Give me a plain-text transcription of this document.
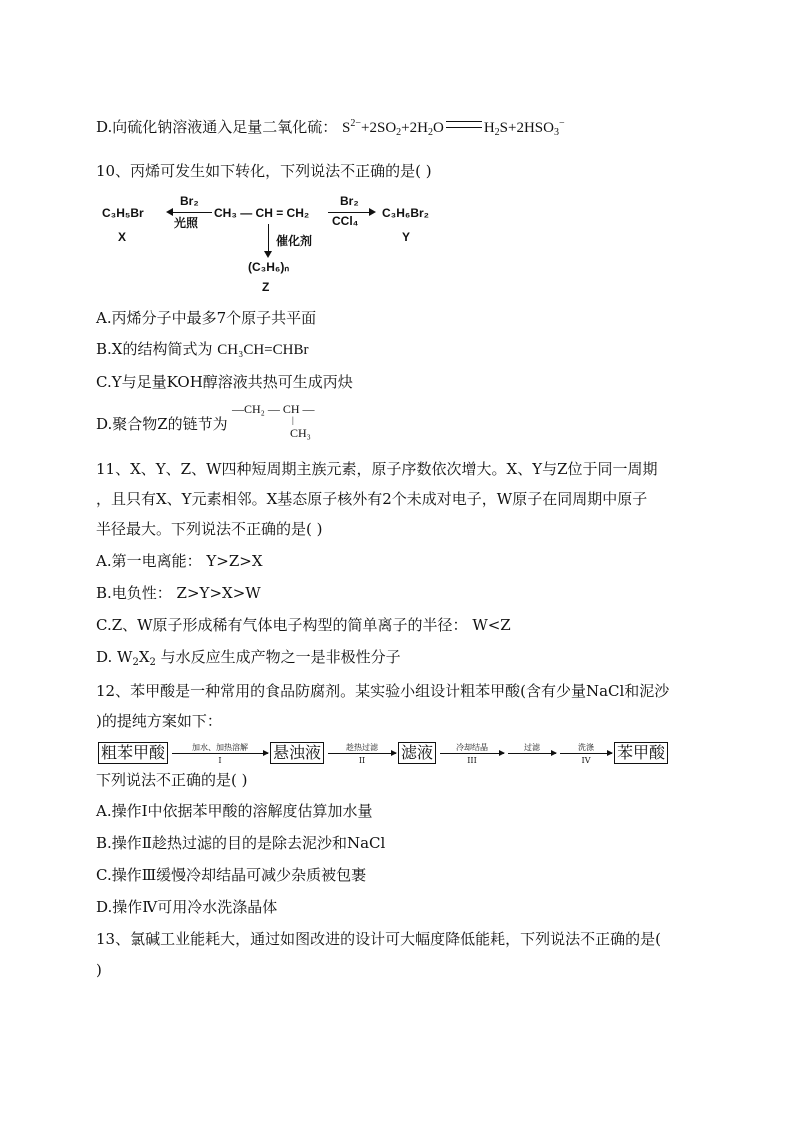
D.向硫化钠溶液通入足量二氧化硫： $S^{2-}+2SO_2+2H_2O$	$H_2S+2HSO_3^-$
10、丙烯可发生如下转化，下列说法不正确的是( )
C₃H₅Br
X
Br₂
光照
CH₃ — CH = CH₂
Br₂
CCl₄
C₃H₆Br₂
Y
催化剂
(C₃H₆)ₙ
Z
A.丙烯分子中最多7个原子共平面
B.X的结构简式为 CH₃CH=CHBr
C.Y与足量KOH醇溶液共热可生成丙炔
D.聚合物Z的链节为
—CH₂ — CH —
|
CH₃
11、X、Y、Z、W四种短周期主族元素，原子序数依次增大。X、Y与Z位于同一周期
，且只有X、Y元素相邻。X基态原子核外有2个未成对电子，W原子在同周期中原子
半径最大。下列说法不正确的是( )
A.第一电离能： Y>Z>X
B.电负性： Z>Y>X>W
C.Z、W原子形成稀有气体电子构型的简单离子的半径： W<Z
D. $W_2X_2$ 与水反应生成产物之一是非极性分子
12、苯甲酸是一种常用的食品防腐剂。某实验小组设计粗苯甲酸(含有少量NaCl和泥沙
)的提纯方案如下：
粗苯甲酸	加水、加热溶解
I	悬浊液	趁热过滤
II 滤液	冷却结晶
III
过滤	洗涤
IV 苯甲酸
下列说法不正确的是( )
A.操作Ⅰ中依据苯甲酸的溶解度估算加水量
B.操作Ⅱ趁热过滤的目的是除去泥沙和NaCl
C.操作Ⅲ缓慢冷却结晶可减少杂质被包裹
D.操作Ⅳ可用冷水洗涤晶体
13、氯碱工业能耗大，通过如图改进的设计可大幅度降低能耗，下列说法不正确的是(
)
